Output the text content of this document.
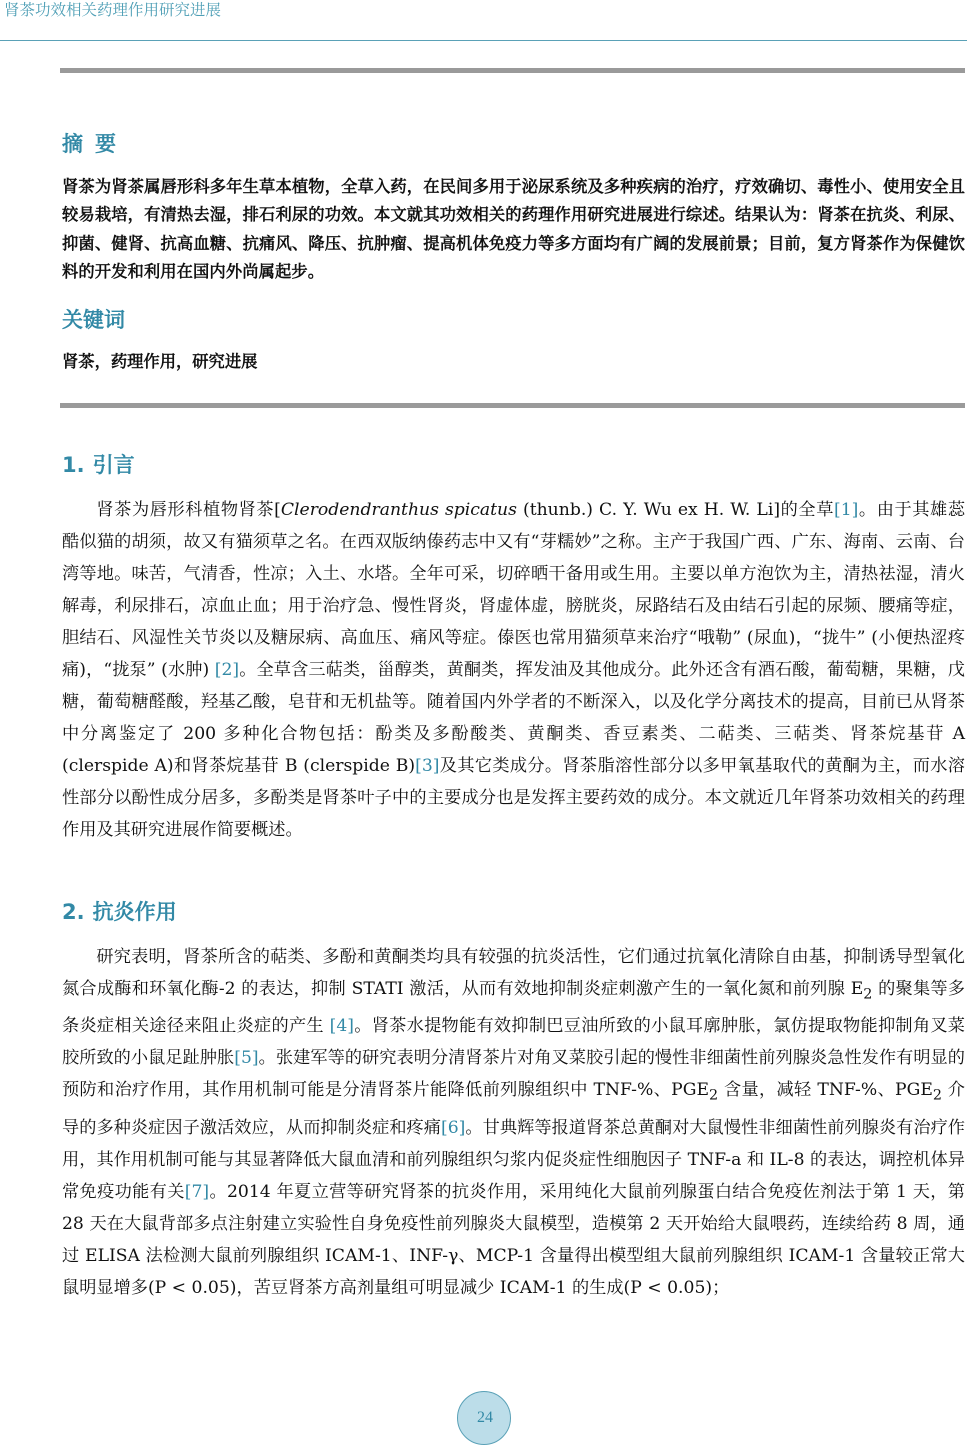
肾茶功效相关药理作用研究进展
摘要
肾茶为肾茶属唇形科多年生草本植物，全草入药，在民间多用于泌尿系统及多种疾病的治疗，疗效确切、毒性小、使用安全且较易栽培，有清热去湿，排石利尿的功效。本文就其功效相关的药理作用研究进展进行综述。结果认为：肾茶在抗炎、利尿、抑菌、健肾、抗高血糖、抗痛风、降压、抗肿瘤、提高机体免疫力等多方面均有广阔的发展前景；目前，复方肾茶作为保健饮料的开发和利用在国内外尚属起步。
关键词
肾茶，药理作用，研究进展
1. 引言
肾茶为唇形科植物肾茶[Clerodendranthus spicatus (thunb.) C. Y. Wu ex H. W. Li]的全草[1]。由于其雄蕊酷似猫的胡须，故又有猫须草之名。在西双版纳傣药志中又有“芽糯妙”之称。主产于我国广西、广东、海南、云南、台湾等地。味苦，气清香，性凉；入土、水塔。全年可采，切碎晒干备用或生用。主要以单方泡饮为主，清热祛湿，清火解毒，利尿排石，凉血止血；用于治疗急、慢性肾炎，肾虚体虚，膀胱炎，尿路结石及由结石引起的尿频、腰痛等症，胆结石、风湿性关节炎以及糖尿病、高血压、痛风等症。傣医也常用猫须草来治疗“哦勒” (尿血)，“拢牛” (小便热涩疼痛)，“拢泵” (水肿) [2]。全草含三萜类，甾醇类，黄酮类，挥发油及其他成分。此外还含有酒石酸，葡萄糖，果糖，戊糖，葡萄糖醛酸，羟基乙酸，皂苷和无机盐等。随着国内外学者的不断深入，以及化学分离技术的提高，目前已从肾茶中分离鉴定了 200 多种化合物包括：酚类及多酚酸类、黄酮类、香豆素类、二萜类、三萜类、肾茶烷基苷 A (clerspide A)和肾茶烷基苷 B (clerspide B)[3]及其它类成分。肾茶脂溶性部分以多甲氧基取代的黄酮为主，而水溶性部分以酚性成分居多，多酚类是肾茶叶子中的主要成分也是发挥主要药效的成分。本文就近几年肾茶功效相关的药理作用及其研究进展作简要概述。
2. 抗炎作用
研究表明，肾茶所含的萜类、多酚和黄酮类均具有较强的抗炎活性，它们通过抗氧化清除自由基，抑制诱导型氧化氮合成酶和环氧化酶-2 的表达，抑制 STATI 激活，从而有效地抑制炎症刺激产生的一氧化氮和前列腺 $E_2$ 的聚集等多条炎症相关途径来阻止炎症的产生 [4]。肾茶水提物能有效抑制巴豆油所致的小鼠耳廓肿胀，氯仿提取物能抑制角叉菜胶所致的小鼠足趾肿胀[5]。张建军等的研究表明分清肾茶片对角叉菜胶引起的慢性非细菌性前列腺炎急性发作有明显的预防和治疗作用，其作用机制可能是分清肾茶片能降低前列腺组织中 TNF-%、$PGE_2$ 含量，减轻 TNF-%、$PGE_2$ 介导的多种炎症因子激活效应，从而抑制炎症和疼痛[6]。甘典辉等报道肾茶总黄酮对大鼠慢性非细菌性前列腺炎有治疗作用，其作用机制可能与其显著降低大鼠血清和前列腺组织匀浆内促炎症性细胞因子 TNF-a 和 IL-8 的表达，调控机体异常免疫功能有关[7]。2014 年夏立营等研究肾茶的抗炎作用，采用纯化大鼠前列腺蛋白结合免疫佐剂法于第 1 天，第 28 天在大鼠背部多点注射建立实验性自身免疫性前列腺炎大鼠模型，造模第 2 天开始给大鼠喂药，连续给药 8 周，通过 ELISA 法检测大鼠前列腺组织 ICAM-1、INF-γ、MCP-1 含量得出模型组大鼠前列腺组织 ICAM-1 含量较正常大鼠明显增多(P < 0.05)，苦豆肾茶方高剂量组可明显减少 ICAM-1 的生成(P < 0.05)；
24
